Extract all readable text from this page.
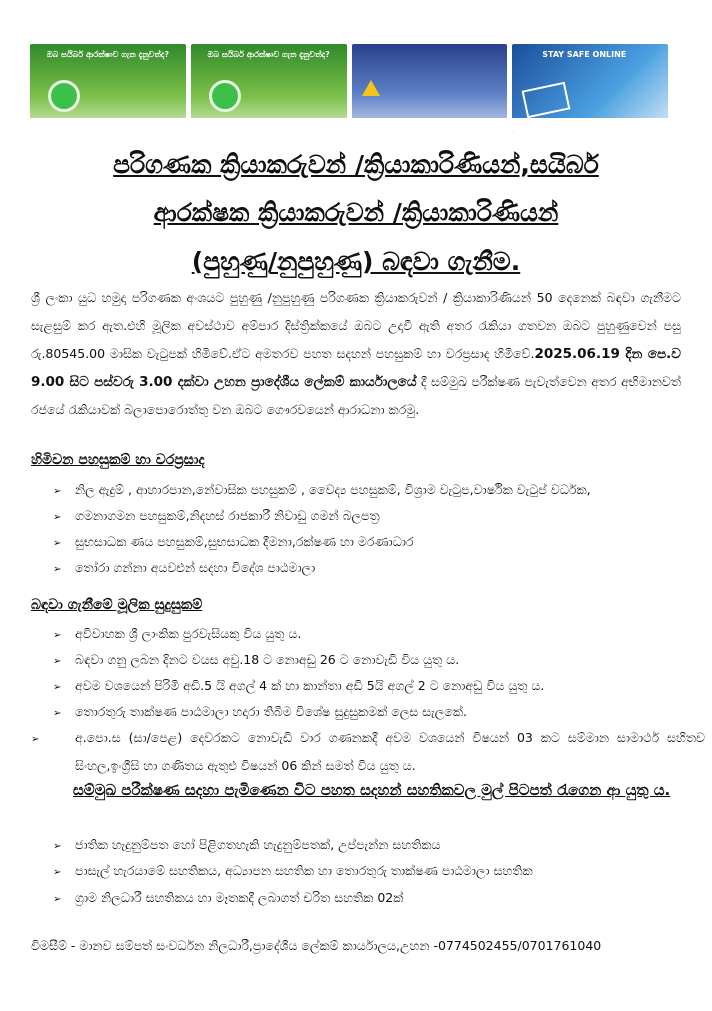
ඔබ සයිබර් ආරක්ෂාව ගැන දැනුවත්ද?	ඔබ සයිබර් ආරක්ෂාව ගැන දැනුවත්ද?	STAY SAFE ONLINE
පරිගණක ක්‍රියාකරුවන් /ක්‍රියාකාරිණියන්,සයිබර්
ආරක්ෂක ක්‍රියාකරුවන් /ක්‍රියාකාරිණියන්
(පුහුණු/නුපුහුණු) බඳවා ගැනීම.
ශ්‍රී ලංකා යුධ හමුදා පරිගණක අංශයට පුහුණු /නුපුහුණු පරිගණක ක්‍රියාකරුවන් / ක්‍රියාකාරිණියන් 50 දෙනෙක් බඳවා ගැනීමට සැළසුම් කර ඇත.එහි මූලික අවස්ථාව අම්පාර දිස්ත්‍රික්කයේ ඔබට උදාවී ඇති අතර රැකියා ගතවන ඔබට පුහුණුවෙන් පසු රු.80545.00 මාසික වැටුපක් හිමිවේ.ඒට අමතරව පහත සදහන් පහසුකම් හා වරප්‍රසාද හිමිවේ.2025.06.19 දින පෙ.ව 9.00 සිට පස්වරු 3.00 දක්වා උහන ප්‍රාදේශීය ලේකම් කාර්යාලයේ දී සම්මුඛ පරීක්ෂණ පැවැත්වෙන අතර අභිමානවත් රජයේ රැකියාවක් බලාපොරොත්තු වන ඔබට ගෞරවයෙන් ආරාධනා කරමු.
හිමිවන පහසුකම් හා වරප්‍රසාද
➢ නිල ඇදුම් , ආහාරපාන,නේවාසික පහසුකම් , වෛද්‍ය පහසුකම්, විශ්‍රාම වැටුප,වාර්ෂික වැටුප් වර්ධක,
➢ ගමනාගමන පහසුකම්,නිදහස් රාජකාරී නිවාඩු ගමන් බලපත්‍ර
➢ සුභසාධක ණය පහසුකම්,සුභසාධක දීමනා,රක්ෂණ හා මරණාධාර
➢ තෝරා ගන්නා අයවළුන් සදහා විදේශ පාඨමාලා
බඳවා ගැනීමේ මූලික සුදුසුකම්
➢ අවිවාහක ශ්‍රී ලාංකික පුරවැසියකු විය යුතු ය.
➢ බඳවා ගනු ලබන දිනට වයස අවු.18 ට නොඅඩු 26 ට නොවැඩි විය යුතු ය.
➢ අවම වශයෙන් පිරිමි අඩි.5 යි අගල් 4 ක් හා කාන්තා අඩි 5යි අගල් 2 ට නොඅඩු විය යුතු ය.
➢ තොරතුරු තාක්ෂණ පාඨමාලා හදාරා තිබීම විශේෂ සුදුසුකමක් ලෙස සැලකේ.
➢	අ.පො.ස (සා/පෙළ) දෙවරකට නොවැඩි වාර ගණනකදී අවම වශයෙන් විෂයන් 03 කට සම්මාන සාමාර්ථ සහිතව සිංහල,ඉංග්‍රීසි හා ගණිතය ඇතුළු විෂයන් 06 කින් සමත් විය යුතු ය.
සම්මුඛ පරීක්ෂණ සදහා පැමිණෙන විට පහත සදහන් සහතිකවල මුල් පිටපත් රැගෙන ආ යුතු ය.
➢ ජාතික හැදුනුම්පත හෝ පිළිගතහැකි හැදුනුම්පතක්, උප්පැන්න සහතිකය
➢ පාසැල් හැරයාමේ සහතිකය, අධ්‍යාපන සහතික හා තොරතුරු තාක්ෂණ පාඨමාලා සහතික
➢ ග්‍රාම නිලධාරී සහතිකය හා මෑතකදී ලබාගත් චරිත සහතික 02ක්
විමසීම් - මානව සම්පත් සංවර්ධන නිලධාරී,ප්‍රාදේශීය ලේකම් කාර්යාලය,උහන -0774502455/0701761040
